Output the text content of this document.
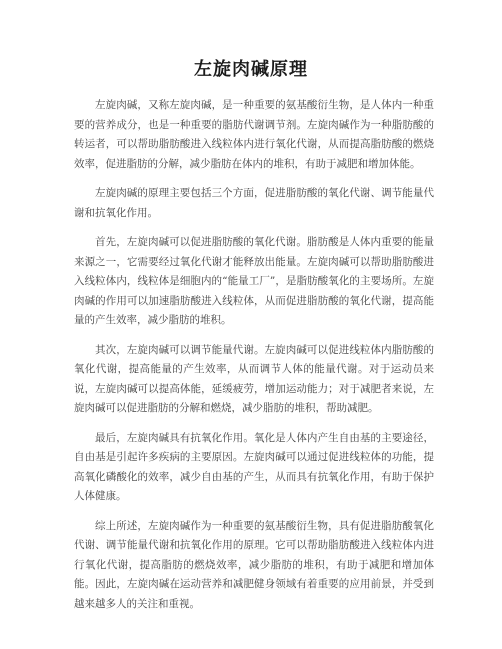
左旋肉碱原理

左旋肉碱，又称左旋肉碱，是一种重要的氨基酸衍生物，是人体内一种重要的营养成分，也是一种重要的脂肪代谢调节剂。左旋肉碱作为一种脂肪酸的转运者，可以帮助脂肪酸进入线粒体内进行氧化代谢，从而提高脂肪酸的燃烧效率，促进脂肪的分解，减少脂肪在体内的堆积，有助于减肥和增加体能。

左旋肉碱的原理主要包括三个方面，促进脂肪酸的氧化代谢、调节能量代谢和抗氧化作用。

首先，左旋肉碱可以促进脂肪酸的氧化代谢。脂肪酸是人体内重要的能量来源之一，它需要经过氧化代谢才能释放出能量。左旋肉碱可以帮助脂肪酸进入线粒体内，线粒体是细胞内的“能量工厂”，是脂肪酸氧化的主要场所。左旋肉碱的作用可以加速脂肪酸进入线粒体，从而促进脂肪酸的氧化代谢，提高能量的产生效率，减少脂肪的堆积。

其次，左旋肉碱可以调节能量代谢。左旋肉碱可以促进线粒体内脂肪酸的氧化代谢，提高能量的产生效率，从而调节人体的能量代谢。对于运动员来说，左旋肉碱可以提高体能，延缓疲劳，增加运动能力；对于减肥者来说，左旋肉碱可以促进脂肪的分解和燃烧，减少脂肪的堆积，帮助减肥。

最后，左旋肉碱具有抗氧化作用。氧化是人体内产生自由基的主要途径，自由基是引起许多疾病的主要原因。左旋肉碱可以通过促进线粒体的功能，提高氧化磷酸化的效率，减少自由基的产生，从而具有抗氧化作用，有助于保护人体健康。

综上所述，左旋肉碱作为一种重要的氨基酸衍生物，具有促进脂肪酸氧化代谢、调节能量代谢和抗氧化作用的原理。它可以帮助脂肪酸进入线粒体内进行氧化代谢，提高脂肪的燃烧效率，减少脂肪的堆积，有助于减肥和增加体能。因此，左旋肉碱在运动营养和减肥健身领域有着重要的应用前景，并受到越来越多人的关注和重视。
